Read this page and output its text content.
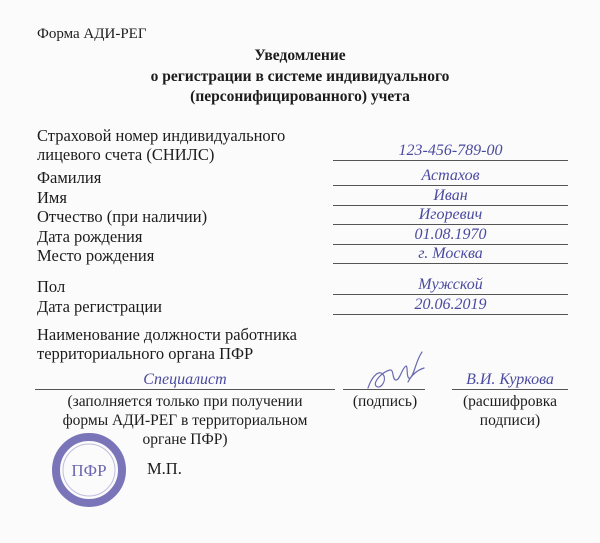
Форма АДИ-РЕГ
Уведомление
о регистрации в системе индивидуального
(персонифицированного) учета
Страховой номер индивидуального
лицевого счета (СНИЛС)	123-456-789-00
Фамилия	Астахов
Имя	Иван
Отчество (при наличии)	Игоревич
Дата рождения	01.08.1970
Место рождения	г. Москва
Пол	Мужской
Дата регистрации	20.06.2019
Наименование должности работника
территориального органа ПФР
Специалист
(заполняется только при получении
формы АДИ-РЕГ в территориальном
органе ПФР)
(подпись)
В.И. Куркова
(расшифровка
подписи)
ПФР М.П.
